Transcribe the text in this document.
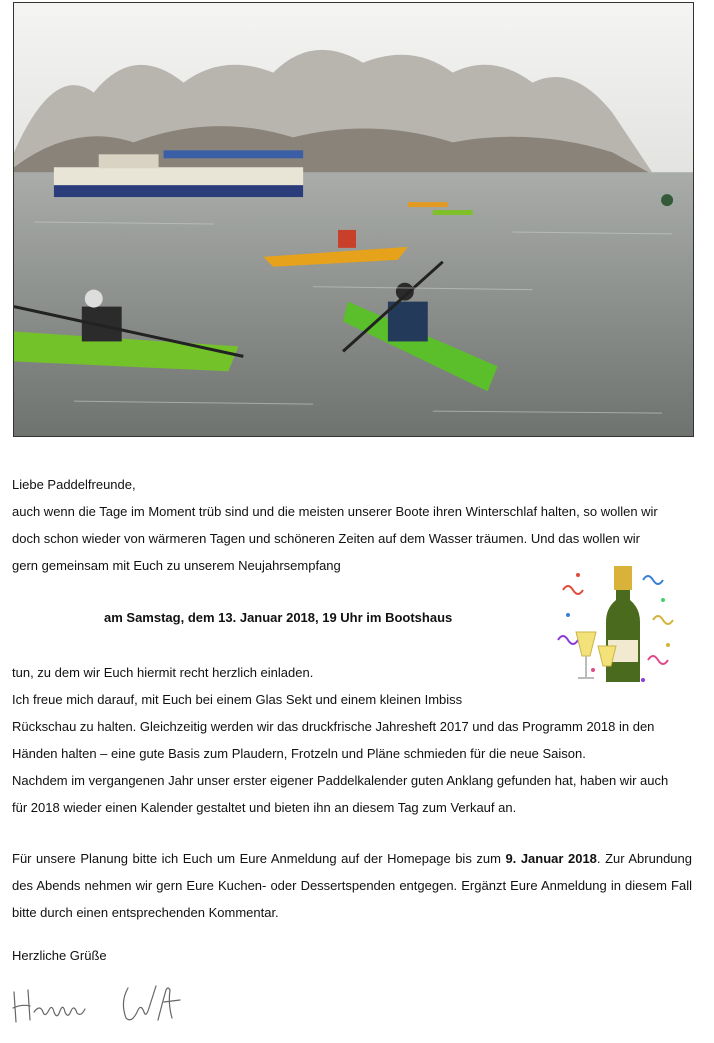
Liebe Paddelfreunde,
auch wenn die Tage im Moment trüb sind und die meisten unserer Boote ihren Winterschlaf halten, so wollen wir
doch schon wieder von wärmeren Tagen und schöneren Zeiten auf dem Wasser träumen. Und das wollen wir
gern gemeinsam mit Euch zu unserem Neujahrsempfang
am Samstag, dem 13. Januar 2018, 19 Uhr im Bootshaus
tun, zu dem wir Euch hiermit recht herzlich einladen.
Ich freue mich darauf, mit Euch bei einem Glas Sekt und einem kleinen Imbiss
Rückschau zu halten. Gleichzeitig werden wir das druckfrische Jahresheft 2017 und das Programm 2018 in den
Händen halten – eine gute Basis zum Plaudern, Frotzeln und Pläne schmieden für die neue Saison.
Nachdem im vergangenen Jahr unser erster eigener Paddelkalender guten Anklang gefunden hat, haben wir auch
für 2018 wieder einen Kalender gestaltet und bieten ihn an diesem Tag zum Verkauf an.
Für unsere Planung bitte ich Euch um Eure Anmeldung auf der Homepage bis zum 9. Januar 2018. Zur Abrundung des Abends nehmen wir gern Eure Kuchen- oder Dessertspenden entgegen. Ergänzt Eure Anmeldung in diesem Fall bitte durch einen entsprechenden Kommentar.
Herzliche Grüße
